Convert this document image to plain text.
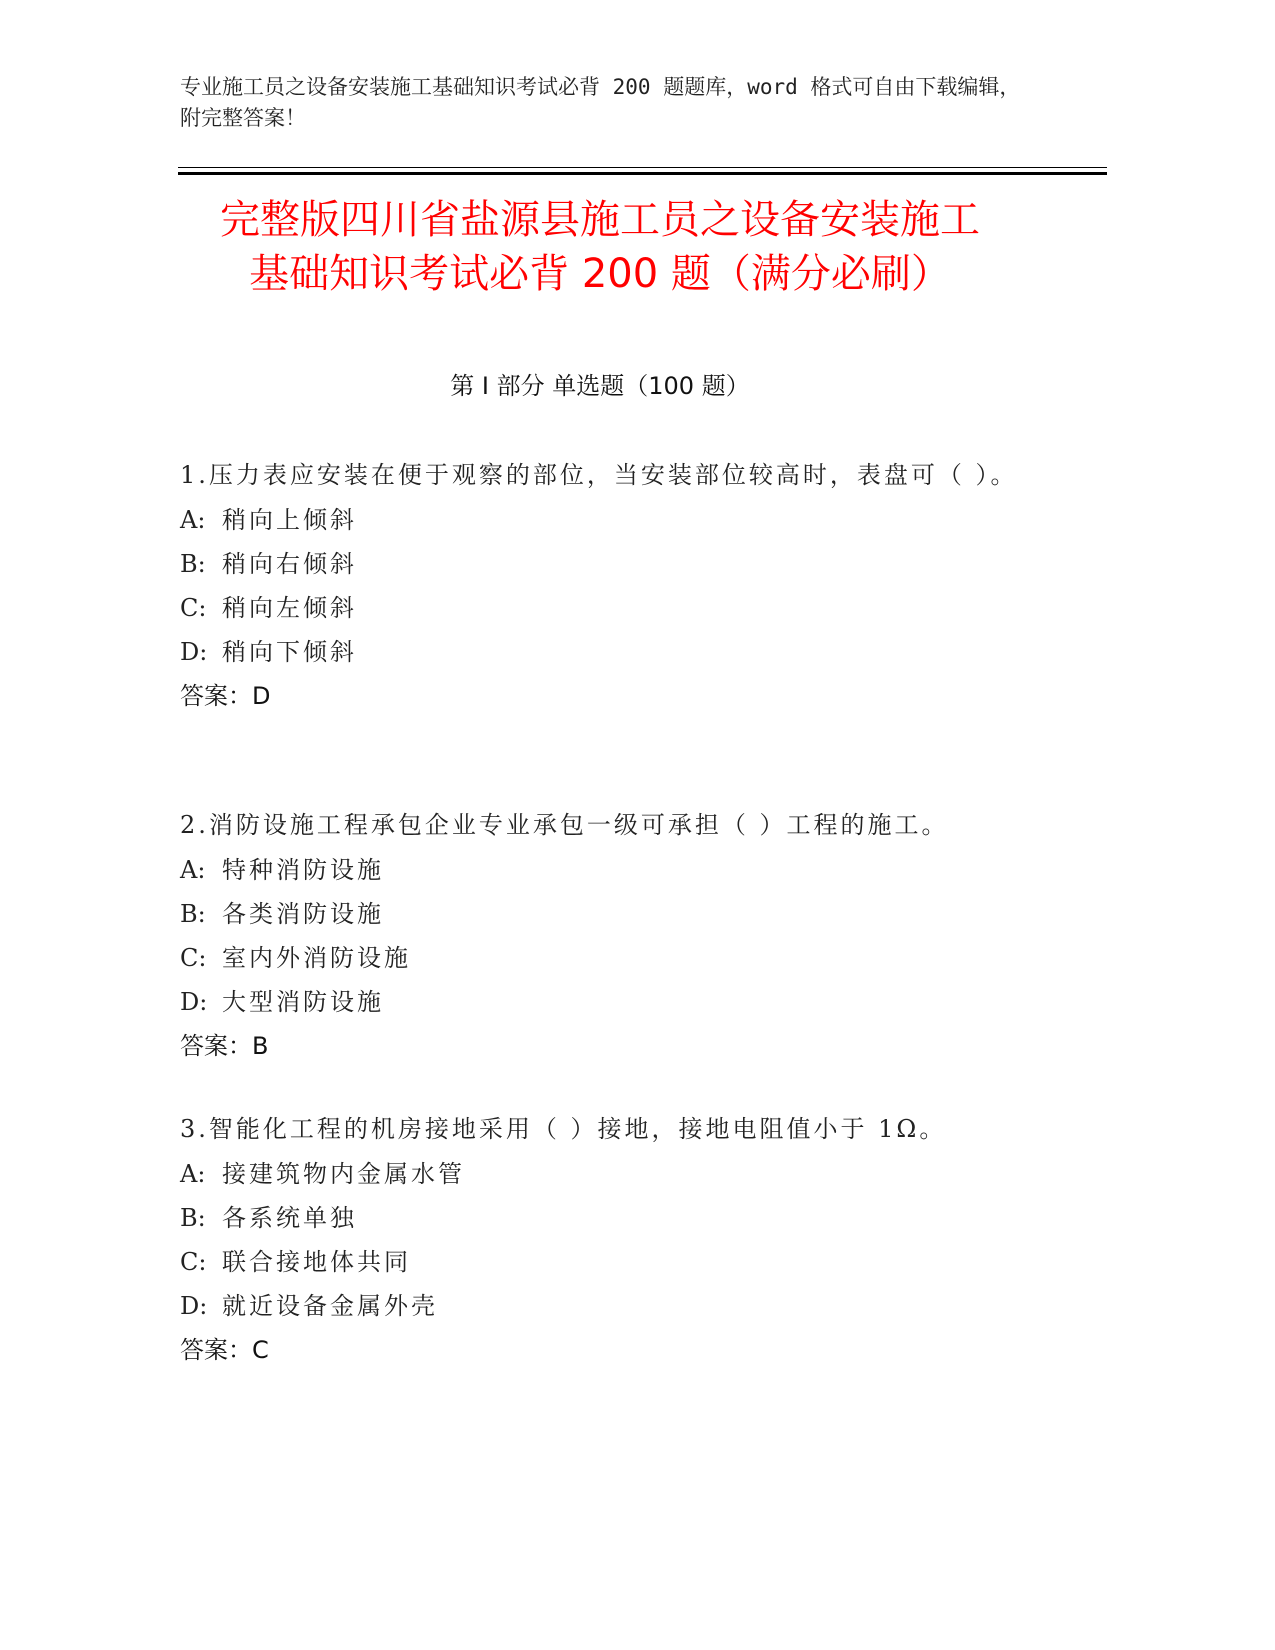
专业施工员之设备安装施工基础知识考试必背 200 题题库，word 格式可自由下载编辑，附完整答案！
完整版四川省盐源县施工员之设备安装施工
基础知识考试必背 200 题（满分必刷）
第 I 部分 单选题（100 题）
1.压力表应安装在便于观察的部位，当安装部位较高时，表盘可（ ）。
A: 稍向上倾斜
B: 稍向右倾斜
C: 稍向左倾斜
D: 稍向下倾斜
答案：D
2.消防设施工程承包企业专业承包一级可承担（ ）工程的施工。
A: 特种消防设施
B: 各类消防设施
C: 室内外消防设施
D: 大型消防设施
答案：B
3.智能化工程的机房接地采用（ ）接地，接地电阻值小于 1Ω。
A: 接建筑物内金属水管
B: 各系统单独
C: 联合接地体共同
D: 就近设备金属外壳
答案：C
